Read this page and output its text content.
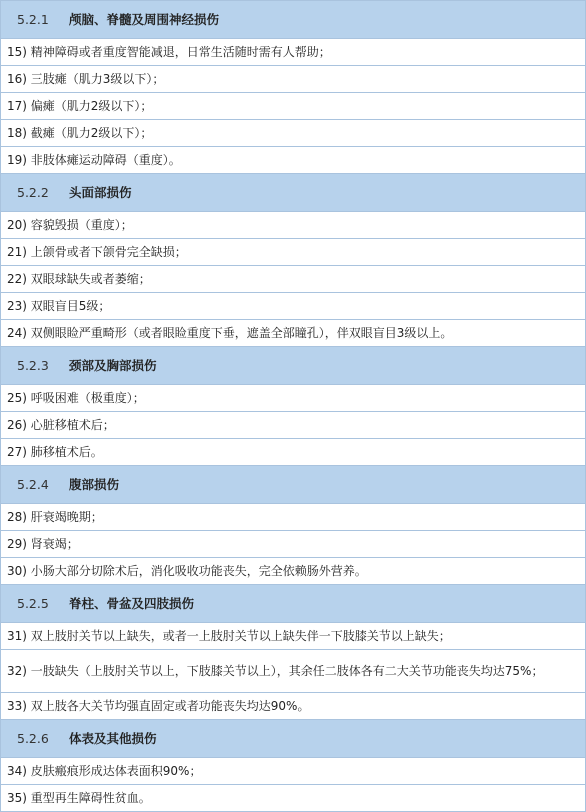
5.2.1	颅脑、脊髓及周围神经损伤
15) 精神障碍或者重度智能减退，日常生活随时需有人帮助；
16) 三肢瘫（肌力3级以下）；
17) 偏瘫（肌力2级以下）；
18) 截瘫（肌力2级以下）；
19) 非肢体瘫运动障碍（重度）。
5.2.2	头面部损伤
20) 容貌毁损（重度）；
21) 上颌骨或者下颌骨完全缺损；
22) 双眼球缺失或者萎缩；
23) 双眼盲目5级；
24) 双侧眼睑严重畸形（或者眼睑重度下垂，遮盖全部瞳孔），伴双眼盲目3级以上。
5.2.3	颈部及胸部损伤
25) 呼吸困难（极重度）；
26) 心脏移植术后；
27) 肺移植术后。
5.2.4	腹部损伤
28) 肝衰竭晚期；
29) 肾衰竭；
30) 小肠大部分切除术后，消化吸收功能丧失，完全依赖肠外营养。
5.2.5	脊柱、骨盆及四肢损伤
31) 双上肢肘关节以上缺失，或者一上肢肘关节以上缺失伴一下肢膝关节以上缺失；
32) 一肢缺失（上肢肘关节以上，下肢膝关节以上），其余任二肢体各有二大关节功能丧失均达75%；
33) 双上肢各大关节均强直固定或者功能丧失均达90%。
5.2.6	体表及其他损伤
34) 皮肤瘢痕形成达体表面积90%；
35) 重型再生障碍性贫血。
